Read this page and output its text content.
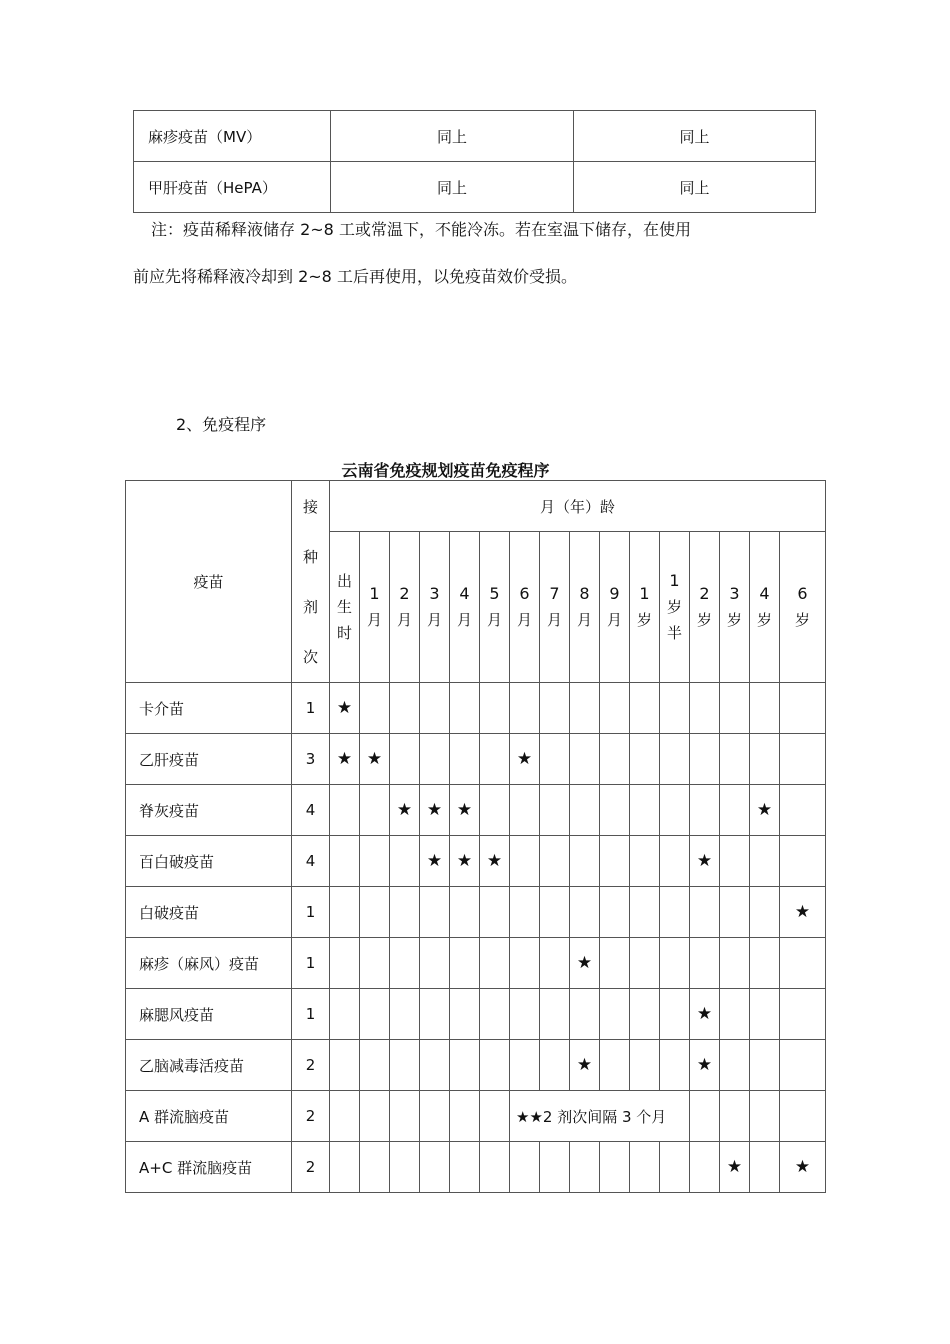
麻疹疫苗（MV）	同上	同上
甲肝疫苗（HePA）	同上	同上
注：疫苗稀释液储存 2~8 工或常温下，不能冷冻。若在室温下储存，在使用
前应先将稀释液冷却到 2~8 工后再使用，以免疫苗效价受损。
2、免疫程序
云南省免疫规划疫苗免疫程序
疫苗	接
种
剂
次	月（年）龄															

		出
生
时	1
月	2
月	3
月	4
月	5
月	6
月	7
月	8
月	9
月	1
岁	1
岁
半	2
岁	3
岁	4
岁	6
岁

卡介苗	1	★															
乙肝疫苗	3	★	★					★									
脊灰疫苗	4			★	★	★										★	
百白破疫苗	4				★	★	★							★			
白破疫苗	1																★
麻疹（麻风）疫苗	1									★							
麻腮风疫苗	1													★			
乙脑减毒活疫苗	2									★				★			
A 群流脑疫苗	2							★★2 剂次间隔 3 个月									
A+C 群流脑疫苗	2														★		★
